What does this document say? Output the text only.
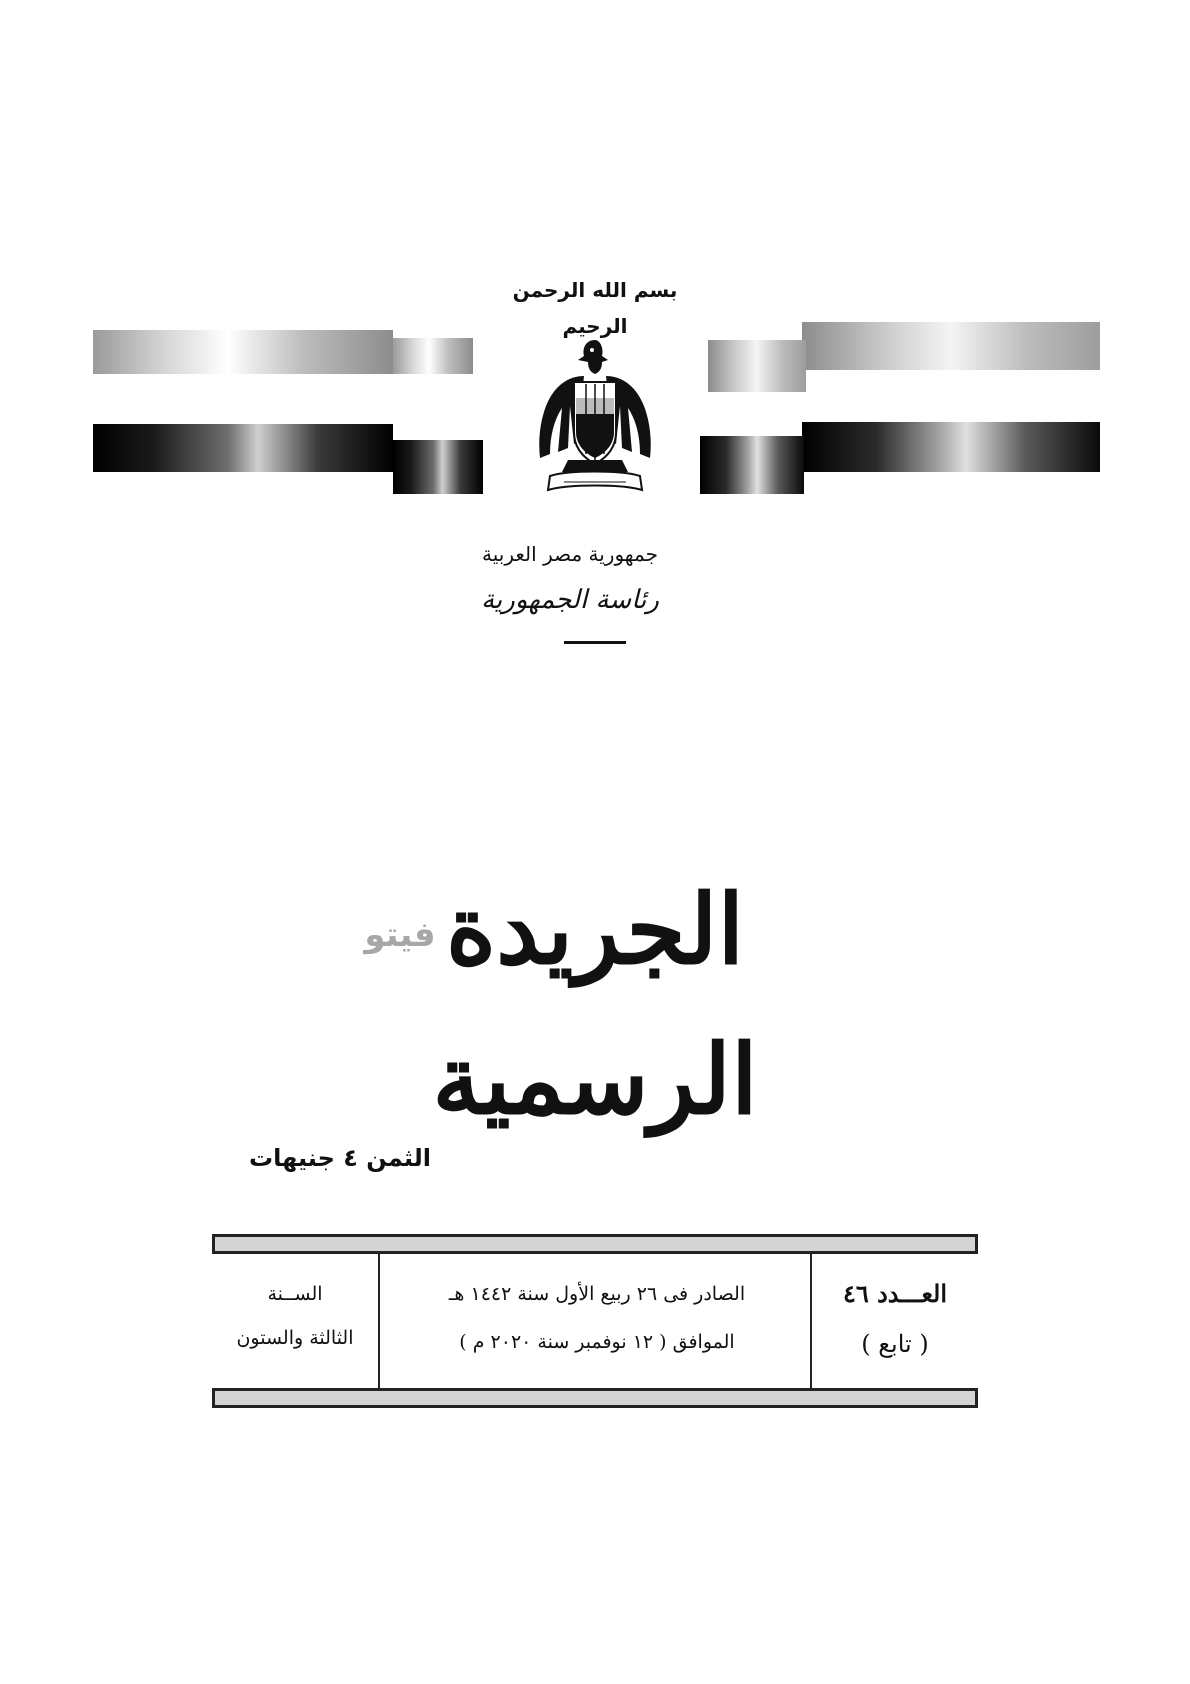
بسم الله الرحمن الرحيم
جمهورية مصر العربية
رئاسة الجمهورية
الجريدة الرسمية
فيتو
الثمن ٤ جنيهات
العـــدد ٤٦
( تابع )
الصادر فى ٢٦ ربيع الأول سنة ١٤٤٢ هـ
الموافق ( ١٢ نوفمبر سنة ٢٠٢٠ م )
الســنة
الثالثة والستون
